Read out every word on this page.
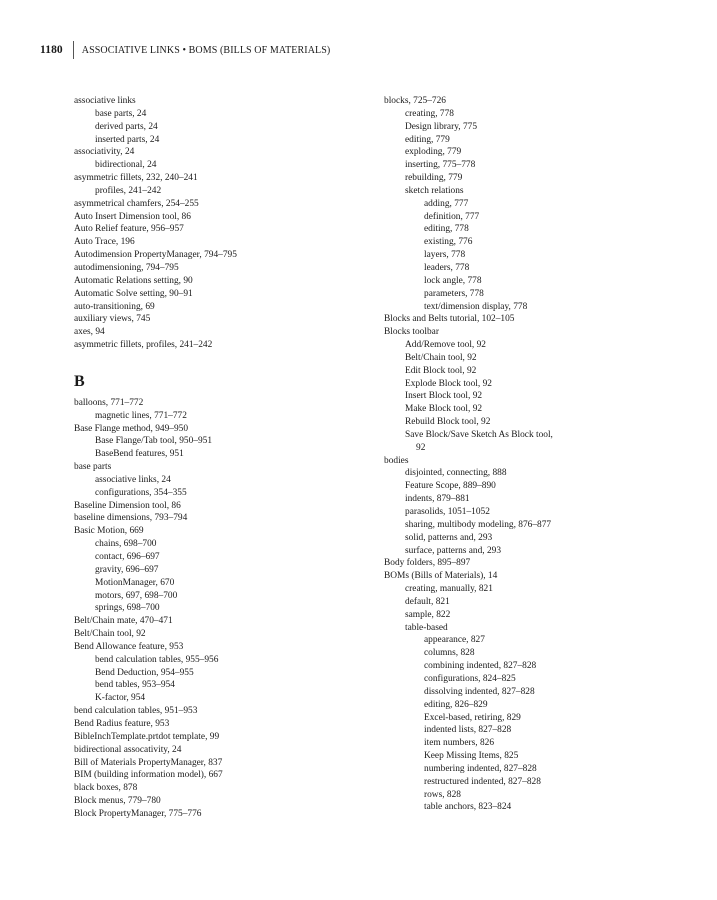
1180 ASSOCIATIVE LINKS • BOMS (BILLS OF MATERIALS)
associative links
base parts, 24
derived parts, 24
inserted parts, 24
associativity, 24
bidirectional, 24
asymmetric fillets, 232, 240–241
profiles, 241–242
asymmetrical chamfers, 254–255
Auto Insert Dimension tool, 86
Auto Relief feature, 956–957
Auto Trace, 196
Autodimension PropertyManager, 794–795
autodimensioning, 794–795
Automatic Relations setting, 90
Automatic Solve setting, 90–91
auto-transitioning, 69
auxiliary views, 745
axes, 94
asymmetric fillets, profiles, 241–242
B
balloons, 771–772
magnetic lines, 771–772
Base Flange method, 949–950
Base Flange/Tab tool, 950–951
BaseBend features, 951
base parts
associative links, 24
configurations, 354–355
Baseline Dimension tool, 86
baseline dimensions, 793–794
Basic Motion, 669
chains, 698–700
contact, 696–697
gravity, 696–697
MotionManager, 670
motors, 697, 698–700
springs, 698–700
Belt/Chain mate, 470–471
Belt/Chain tool, 92
Bend Allowance feature, 953
bend calculation tables, 955–956
Bend Deduction, 954–955
bend tables, 953–954
K-factor, 954
bend calculation tables, 951–953
Bend Radius feature, 953
BibleInchTemplate.prtdot template, 99
bidirectional assocativity, 24
Bill of Materials PropertyManager, 837
BIM (building information model), 667
black boxes, 878
Block menus, 779–780
Block PropertyManager, 775–776
blocks, 725–726
creating, 778
Design library, 775
editing, 779
exploding, 779
inserting, 775–778
rebuilding, 779
sketch relations
adding, 777
definition, 777
editing, 778
existing, 776
layers, 778
leaders, 778
lock angle, 778
parameters, 778
text/dimension display, 778
Blocks and Belts tutorial, 102–105
Blocks toolbar
Add/Remove tool, 92
Belt/Chain tool, 92
Edit Block tool, 92
Explode Block tool, 92
Insert Block tool, 92
Make Block tool, 92
Rebuild Block tool, 92
Save Block/Save Sketch As Block tool,
92
bodies
disjointed, connecting, 888
Feature Scope, 889–890
indents, 879–881
parasolids, 1051–1052
sharing, multibody modeling, 876–877
solid, patterns and, 293
surface, patterns and, 293
Body folders, 895–897
BOMs (Bills of Materials), 14
creating, manually, 821
default, 821
sample, 822
table-based
appearance, 827
columns, 828
combining indented, 827–828
configurations, 824–825
dissolving indented, 827–828
editing, 826–829
Excel-based, retiring, 829
indented lists, 827–828
item numbers, 826
Keep Missing Items, 825
numbering indented, 827–828
restructured indented, 827–828
rows, 828
table anchors, 823–824
